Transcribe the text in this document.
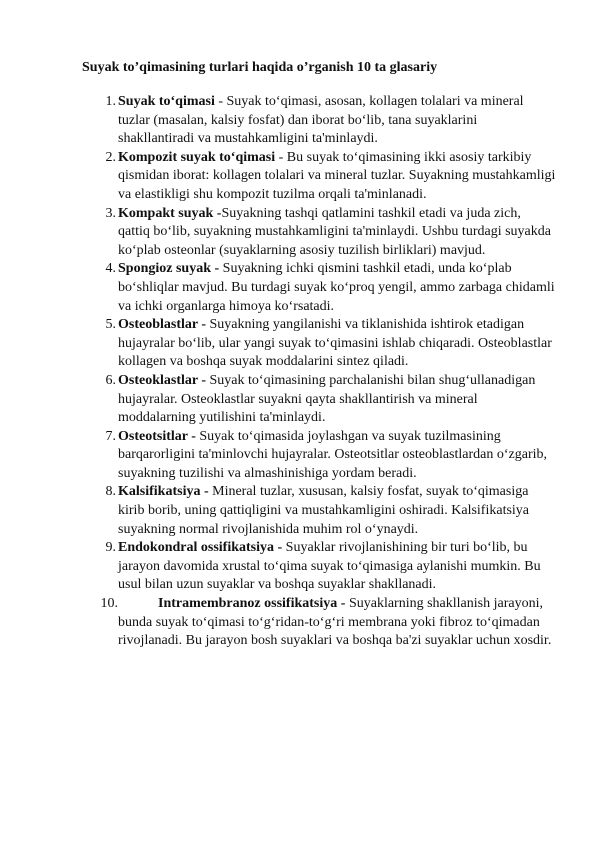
Suyak to’qimasining turlari haqida o’rganish 10 ta glasariy
1. Suyak to‘qimasi - Suyak to‘qimasi, asosan, kollagen tolalari va mineral tuzlar (masalan, kalsiy fosfat) dan iborat bo‘lib, tana suyaklarini shakllantiradi va mustahkamligini ta'minlaydi.
2. Kompozit suyak to‘qimasi - Bu suyak to‘qimasining ikki asosiy tarkibiy qismidan iborat: kollagen tolalari va mineral tuzlar. Suyakning mustahkamligi va elastikligi shu kompozit tuzilma orqali ta'minlanadi.
3. Kompakt suyak -Suyakning tashqi qatlamini tashkil etadi va juda zich, qattiq bo‘lib, suyakning mustahkamligini ta'minlaydi. Ushbu turdagi suyakda ko‘plab osteonlar (suyaklarning asosiy tuzilish birliklari) mavjud.
4. Spongioz suyak - Suyakning ichki qismini tashkil etadi, unda ko‘plab bo‘shliqlar mavjud. Bu turdagi suyak ko‘proq yengil, ammo zarbaga chidamli va ichki organlarga himoya ko‘rsatadi.
5. Osteoblastlar - Suyakning yangilanishi va tiklanishida ishtirok etadigan hujayralar bo‘lib, ular yangi suyak to‘qimasini ishlab chiqaradi. Osteoblastlar kollagen va boshqa suyak moddalarini sintez qiladi.
6. Osteoklastlar - Suyak to‘qimasining parchalanishi bilan shug‘ullanadigan hujayralar. Osteoklastlar suyakni qayta shakllantirish va mineral moddalarning yutilishini ta'minlaydi.
7. Osteotsitlar - Suyak to‘qimasida joylashgan va suyak tuzilmasining barqarorligini ta'minlovchi hujayralar. Osteotsitlar osteoblastlardan o‘zgarib, suyakning tuzilishi va almashinishiga yordam beradi.
8. Kalsifikatsiya - Mineral tuzlar, xususan, kalsiy fosfat, suyak to‘qimasiga kirib borib, uning qattiqligini va mustahkamligini oshiradi. Kalsifikatsiya suyakning normal rivojlanishida muhim rol o‘ynaydi.
9. Endokondral ossifikatsiya - Suyaklar rivojlanishining bir turi bo‘lib, bu jarayon davomida xrustal to‘qima suyak to‘qimasiga aylanishi mumkin. Bu usul bilan uzun suyaklar va boshqa suyaklar shakllanadi.
10.	Intramembranoz ossifikatsiya - Suyaklarning shakllanish jarayoni, bunda suyak to‘qimasi to‘g‘ridan-to‘g‘ri membrana yoki fibroz to‘qimadan rivojlanadi. Bu jarayon bosh suyaklari va boshqa ba'zi suyaklar uchun xosdir.
